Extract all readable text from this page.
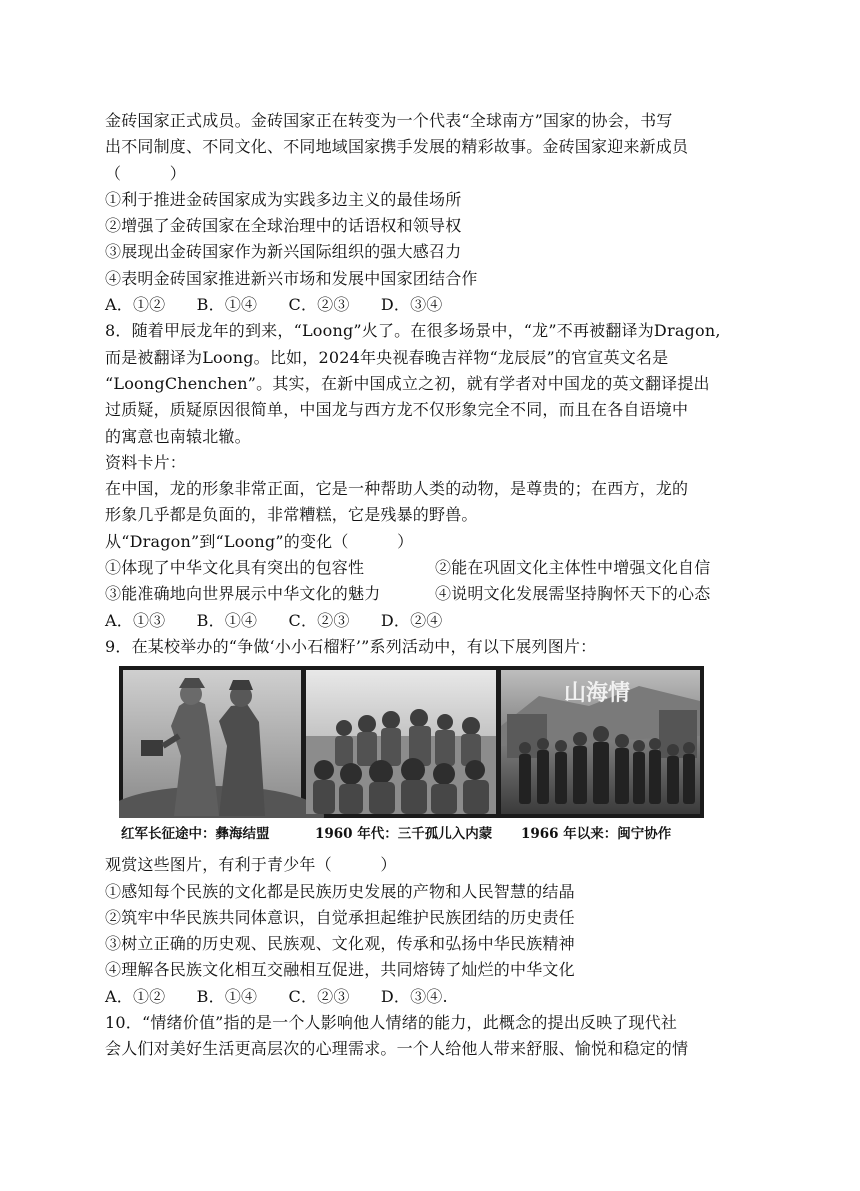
金砖国家正式成员。金砖国家正在转变为一个代表“全球南方”国家的协会，书写
出不同制度、不同文化、不同地域国家携手发展的精彩故事。金砖国家迎来新成员
（　　　）
①利于推进金砖国家成为实践多边主义的最佳场所
②增强了金砖国家在全球治理中的话语权和领导权
③展现出金砖国家作为新兴国际组织的强大感召力
④表明金砖国家推进新兴市场和发展中国家团结合作
A．①② B．①④ C．②③ D．③④
8．随着甲辰龙年的到来，“Loong”火了。在很多场景中，“龙”不再被翻译为Dragon,
而是被翻译为Loong。比如，2024年央视春晚吉祥物“龙辰辰”的官宣英文名是
“LoongChenchen”。其实，在新中国成立之初，就有学者对中国龙的英文翻译提出
过质疑，质疑原因很简单，中国龙与西方龙不仅形象完全不同，而且在各自语境中
的寓意也南辕北辙。
资料卡片：
在中国，龙的形象非常正面，它是一种帮助人类的动物，是尊贵的；在西方，龙的
形象几乎都是负面的，非常糟糕，它是残暴的野兽。
从“Dragon”到“Loong”的变化（　　　）
①体现了中华文化具有突出的包容性	②能在巩固文化主体性中增强文化自信
③能准确地向世界展示中华文化的魅力	④说明文化发展需坚持胸怀天下的心态
A．①③ B．①④ C．②③ D．②④
9．在某校举办的“争做‘小小石榴籽’”系列活动中，有以下展列图片：
山海情
红军长征途中：彝海结盟	1960 年代：三千孤儿入内蒙 1966 年以来：闽宁协作
观赏这些图片，有利于青少年（　　　）
①感知每个民族的文化都是民族历史发展的产物和人民智慧的结晶
②筑牢中华民族共同体意识，自觉承担起维护民族团结的历史责任
③树立正确的历史观、民族观、文化观，传承和弘扬中华民族精神
④理解各民族文化相互交融相互促进，共同熔铸了灿烂的中华文化
A．①② B．①④ C．②③ D．③④.
10．“情绪价值”指的是一个人影响他人情绪的能力，此概念的提出反映了现代社
会人们对美好生活更高层次的心理需求。一个人给他人带来舒服、愉悦和稳定的情
